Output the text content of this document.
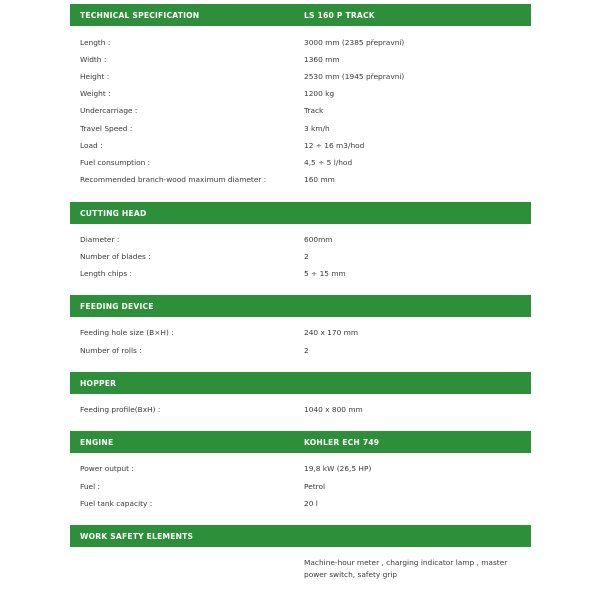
TECHNICAL SPECIFICATION	LS 160 P TRACK
Length :	3000 mm (2385 přepravní)
Width :	1360 mm
Height :	2530 mm (1945 přepravní)
Weight :	1200 kg
Undercarriage :	Track
Travel Speed :	3 km/h
Load :	12 ÷ 16 m3/hod
Fuel consumption :	4,5 ÷ 5 l/hod
Recommended branch-wood maximum diameter :	160 mm
CUTTING HEAD
Diameter :	600mm
Number of blades :	2
Length chips :	5 ÷ 15 mm
FEEDING DEVICE
Feeding hole size (B×H) :	240 x 170 mm
Number of rolls :	2
HOPPER
Feeding profile(BxH) :	1040 x 800 mm
ENGINE	KOHLER ECH 749
Power output :	19,8 kW (26,5 HP)
Fuel :	Petrol
Fuel tank capacity :	20 l
WORK SAFETY ELEMENTS
Machine-hour meter , charging indicator lamp , master power switch, safety grip
